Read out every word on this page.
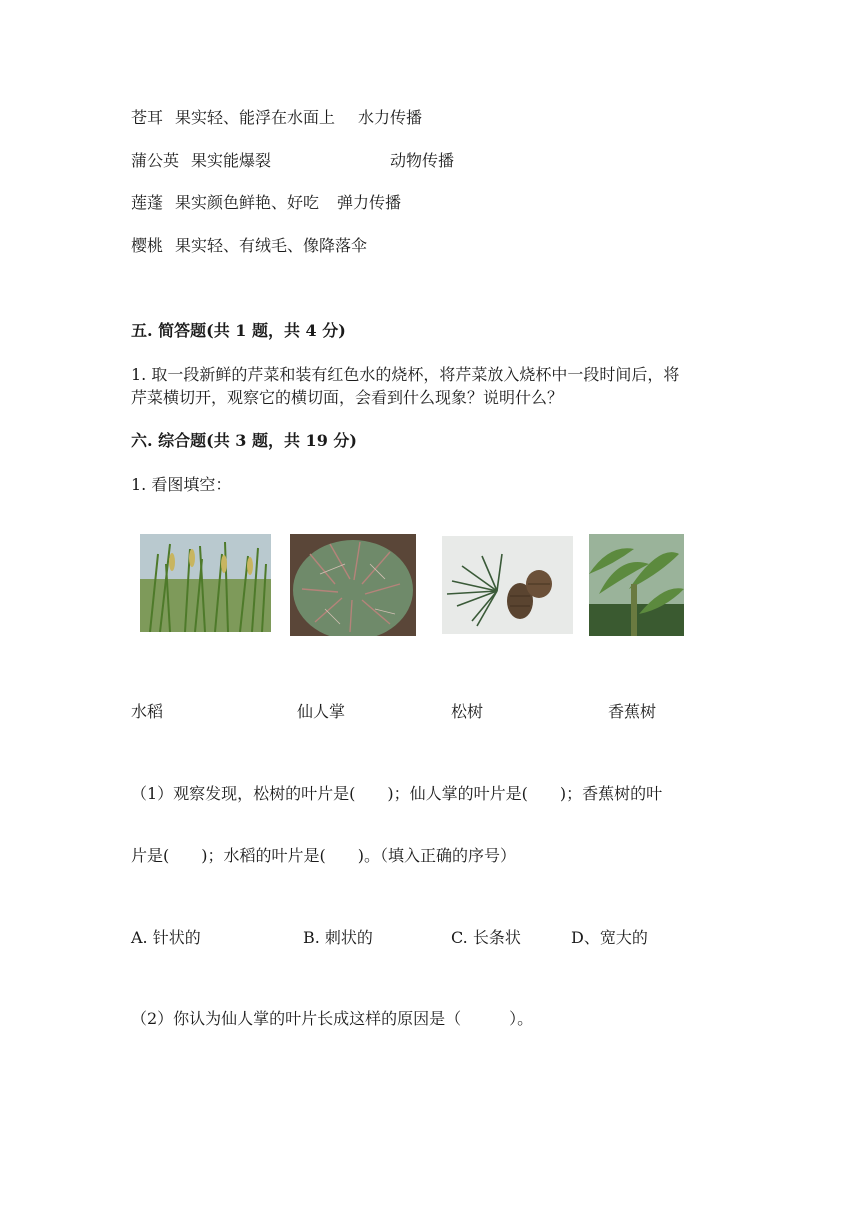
苍耳 果实轻、能浮在水面上 水力传播
蒲公英 果实能爆裂	动物传播
莲蓬 果实颜色鲜艳、好吃 弹力传播
樱桃 果实轻、有绒毛、像降落伞
五. 简答题(共 1 题，共 4 分)
1. 取一段新鲜的芹菜和装有红色水的烧杯，将芹菜放入烧杯中一段时间后，将
芹菜横切开，观察它的横切面，会看到什么现象？说明什么？
六. 综合题(共 3 题，共 19 分)
1. 看图填空：
水稻	仙人掌	松树	香蕉树
（1）观察发现，松树的叶片是(　　)；仙人掌的叶片是(　　)；香蕉树的叶
片是(　　)；水稻的叶片是(　　)。（填入正确的序号）
A. 针状的	B. 刺状的	C. 长条状	D、宽大的
（2）你认为仙人掌的叶片长成这样的原因是（　　　）。
